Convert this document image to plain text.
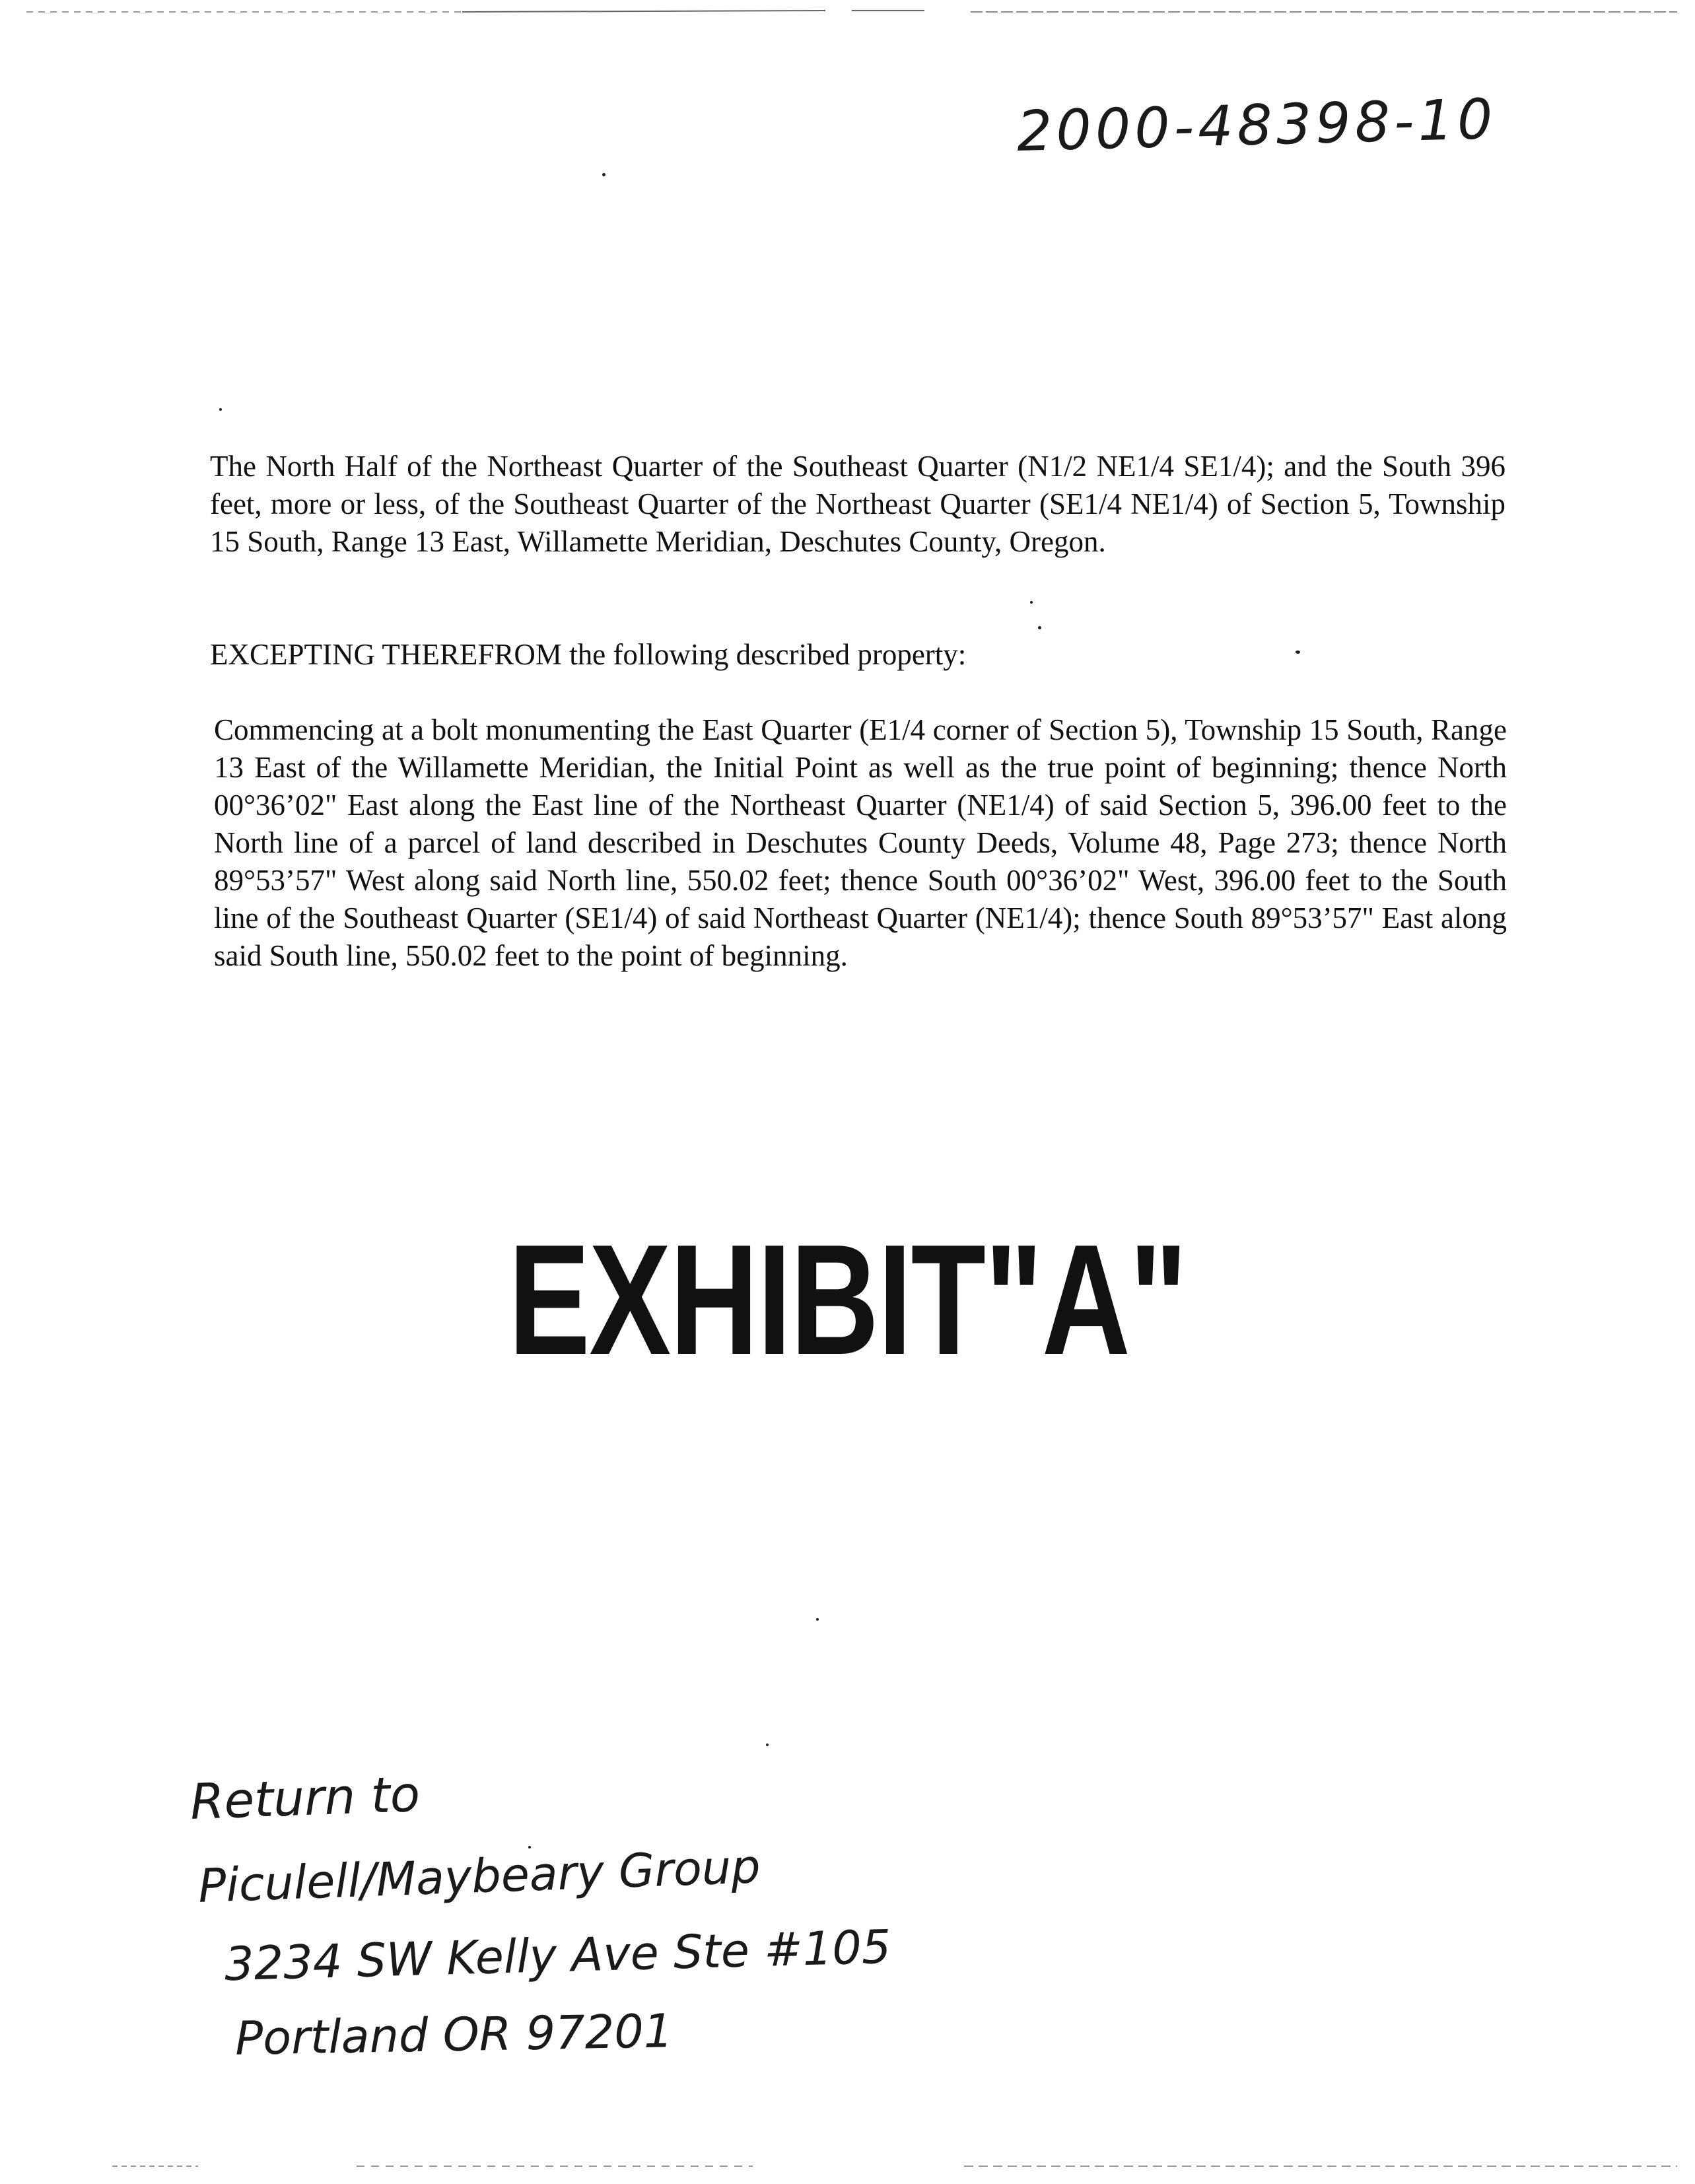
2000-48398-10

The North Half of the Northeast Quarter of the Southeast Quarter (N1/2 NE1/4 SE1/4); and the South 396 feet, more or less, of the Southeast Quarter of the Northeast Quarter (SE1/4 NE1/4) of Section 5, Township 15 South, Range 13 East, Willamette Meridian, Deschutes County, Oregon.

EXCEPTING THEREFROM the following described property:

Commencing at a bolt monumenting the East Quarter (E1/4 corner of Section 5), Township 15 South, Range 13 East of the Willamette Meridian, the Initial Point as well as the true point of beginning; thence North 00°36’02" East along the East line of the Northeast Quarter (NE1/4) of said Section 5, 396.00 feet to the North line of a parcel of land described in Deschutes County Deeds, Volume 48, Page 273; thence North 89°53’57" West along said North line, 550.02 feet; thence South 00°36’02" West, 396.00 feet to the South line of the Southeast Quarter (SE1/4) of said Northeast Quarter (NE1/4); thence South 89°53’57" East along said South line, 550.02 feet to the point of beginning.

EXHIBIT"A"
Return to
Piculell/Maybeary Group
3234 SW Kelly Ave Ste #105
Portland OR 97201
